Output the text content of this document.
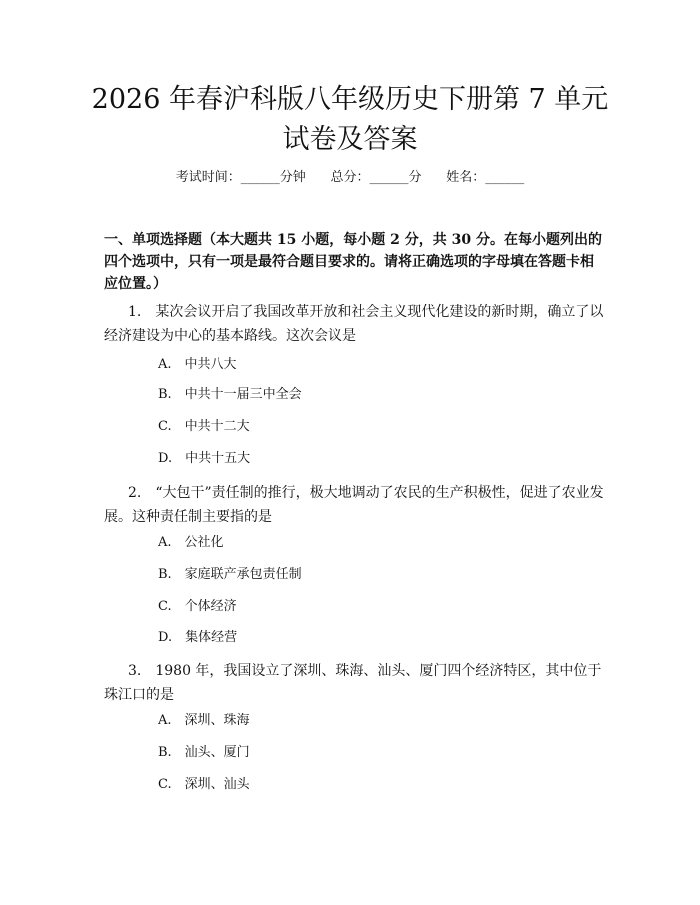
2026 年春沪科版八年级历史下册第 7 单元试卷及答案
考试时间：______分钟      总分：______分      姓名：______

一、单项选择题（本大题共 15 小题，每小题 2 分，共 30 分。在每小题列出的四个选项中，只有一项是最符合题目要求的。请将正确选项的字母填在答题卡相应位置。）

1.　某次会议开启了我国改革开放和社会主义现代化建设的新时期，确立了以经济建设为中心的基本路线。这次会议是

A.　中共八大
B.　中共十一届三中全会
C.　中共十二大
D.　中共十五大

2.　“大包干”责任制的推行，极大地调动了农民的生产积极性，促进了农业发展。这种责任制主要指的是

A.　公社化
B.　家庭联产承包责任制
C.　个体经济
D.　集体经营

3.　1980 年，我国设立了深圳、珠海、汕头、厦门四个经济特区，其中位于珠江口的是

A.　深圳、珠海
B.　汕头、厦门
C.　深圳、汕头
